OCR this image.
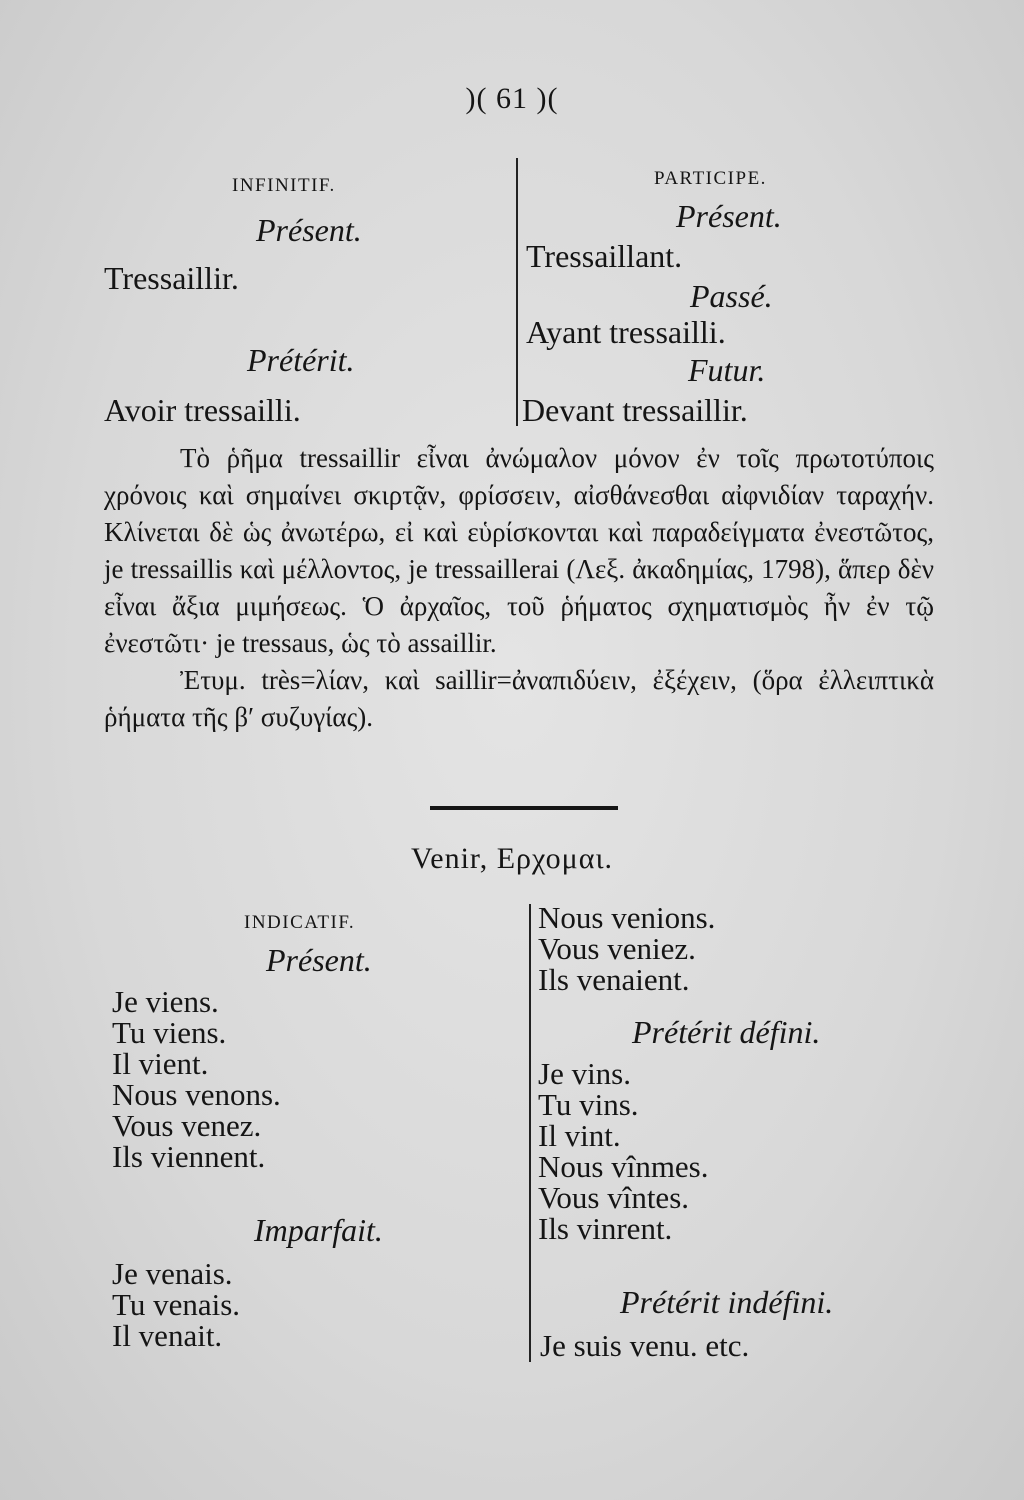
)( 61 )(
INFINITIF.
Présent.
Tressaillir.
Prétérit.
Avoir tressailli.
PARTICIPE.
Présent.
Tressaillant.
Passé.
Ayant tressailli.
Futur.
Devant tressaillir.

Τὸ ῥῆμα tressaillir εἶναι ἀνώμαλον μόνον ἐν τοῖς πρωτοτύποις χρόνοις καὶ σημαίνει σκιρτᾷν, φρίσσειν, αἰσθάνεσθαι αἰφνιδίαν ταραχήν. Κλίνεται δὲ ὡς ἀνωτέρω, εἰ καὶ εὑρίσκονται καὶ παραδείγματα ἐνεστῶτος, je tressaillis καὶ μέλλοντος, je tressaillerai (Λεξ. ἀκαδημίας, 1798), ἅπερ δὲν εἶναι ἄξια μιμήσεως. Ὁ ἀρχαῖος, τοῦ ῥήματος σχηματισμὸς ἦν ἐν τῷ ἐνεστῶτι· je tressaus, ὡς τὸ assaillir.

Ἐτυμ. très=λίαν, καὶ saillir=ἀναπιδύειν, ἐξέχειν, (ὅρα ἐλλειπτικὰ ῥήματα τῆς β′ συζυγίας).

Venir, Ερχομαι.
INDICATIF.
Présent.
Je viens.
Tu viens.
Il vient.
Nous venons.
Vous venez.
Ils viennent.
Imparfait.
Je venais.
Tu venais.
Il venait.
Nous venions.
Vous veniez.
Ils venaient.
Prétérit défini.
Je vins.
Tu vins.
Il vint.
Nous vînmes.
Vous vîntes.
Ils vinrent.
Prétérit indéfini.
Je suis venu. etc.
